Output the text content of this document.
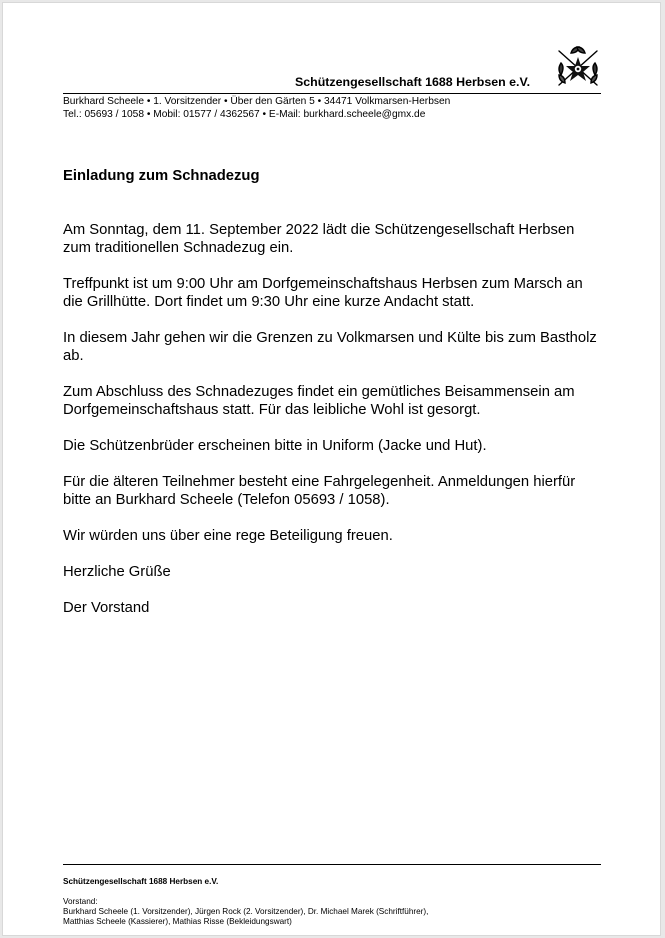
Schützengesellschaft 1688 Herbsen e.V.
Burkhard Scheele • 1. Vorsitzender • Über den Gärten 5 • 34471 Volkmarsen-Herbsen
Tel.: 05693 / 1058 • Mobil: 01577 / 4362567 • E-Mail: burkhard.scheele@gmx.de
Einladung zum Schnadezug
Am Sonntag, dem 11. September 2022 lädt die Schützengesellschaft Herbsen zum traditionellen Schnadezug ein.
Treffpunkt ist um 9:00 Uhr am Dorfgemeinschaftshaus Herbsen zum Marsch an die Grillhütte. Dort findet um 9:30 Uhr eine kurze Andacht statt.
In diesem Jahr gehen wir die Grenzen zu Volkmarsen und Külte bis zum Bastholz ab.
Zum Abschluss des Schnadezuges findet ein gemütliches Beisammensein am Dorfgemeinschaftshaus statt. Für das leibliche Wohl ist gesorgt.
Die Schützenbrüder erscheinen bitte in Uniform (Jacke und Hut).
Für die älteren Teilnehmer besteht eine Fahrgelegenheit. Anmeldungen hierfür bitte an Burkhard Scheele (Telefon 05693 / 1058).
Wir würden uns über eine rege Beteiligung freuen.
Herzliche Grüße
Der Vorstand
Schützengesellschaft 1688 Herbsen e.V.
Vorstand:
Burkhard Scheele (1. Vorsitzender), Jürgen Rock (2. Vorsitzender), Dr. Michael Marek (Schriftführer),
Matthias Scheele (Kassierer), Mathias Risse (Bekleidungswart)
